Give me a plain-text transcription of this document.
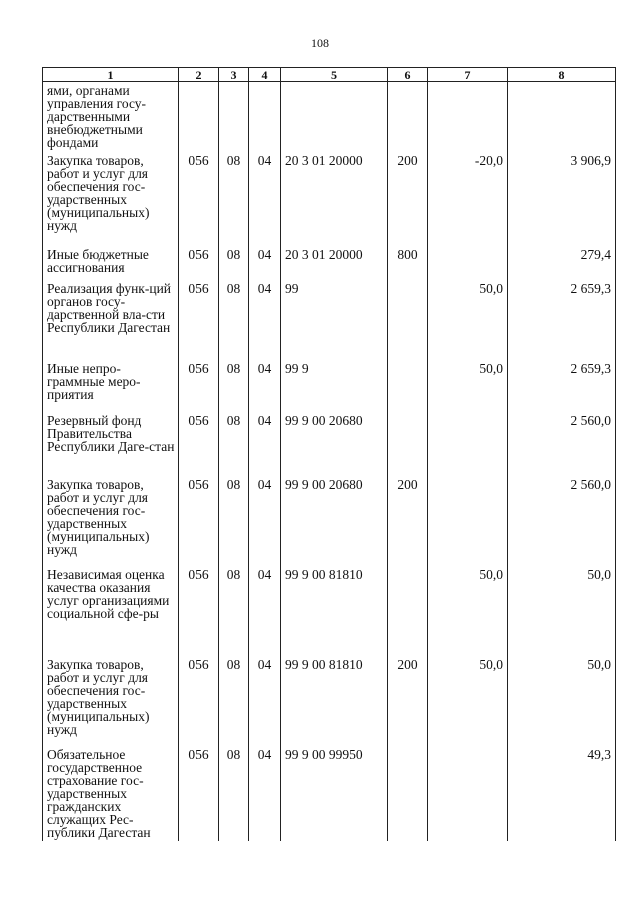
108
1	2	3	4	5	6	7	8
ями, органами управления госу-дарственными внебюджетными фондами							
Закупка товаров, работ и услуг для обеспечения гос-ударственных (муниципальных) нужд	056	08	04	20 3 01 20000	200	-20,0	3 906,9
Иные бюджетные ассигнования	056	08	04	20 3 01 20000	800		279,4
Реализация функ-ций органов госу-дарственной вла-сти Республики Дагестан	056	08	04	99		50,0	2 659,3
Иные непро-граммные меро-приятия	056	08	04	99 9		50,0	2 659,3
Резервный фонд Правительства Республики Даге-стан	056	08	04	99 9 00 20680			2 560,0
Закупка товаров, работ и услуг для обеспечения гос-ударственных (муниципальных) нужд	056	08	04	99 9 00 20680	200		2 560,0
Независимая оценка качества оказания услуг организациями социальной сфе-ры	056	08	04	99 9 00 81810		50,0	50,0
Закупка товаров, работ и услуг для обеспечения гос-ударственных (муниципальных) нужд	056	08	04	99 9 00 81810	200	50,0	50,0
Обязательное государственное страхование гос-ударственных гражданских служащих Рес-публики Дагестан	056	08	04	99 9 00 99950			49,3
